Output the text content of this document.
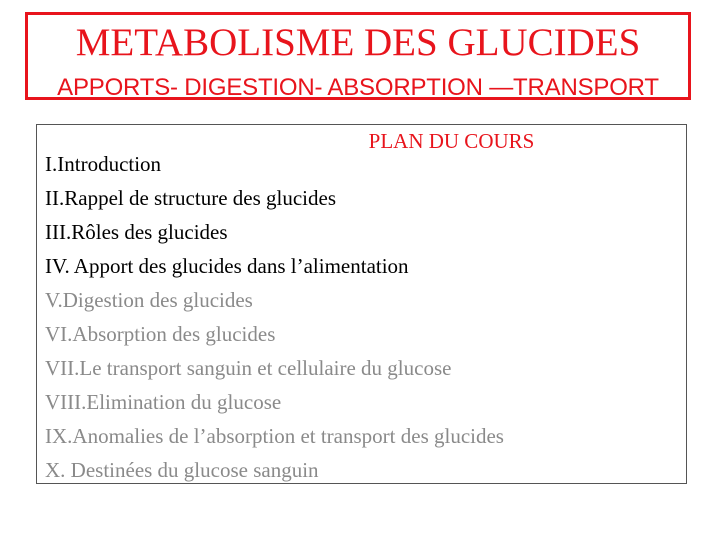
METABOLISME DES GLUCIDES
APPORTS- DIGESTION- ABSORPTION —TRANSPORT
PLAN DU COURS
I.Introduction
II.Rappel de structure des glucides
III.Rôles des glucides
IV. Apport des glucides dans l’alimentation
V.Digestion des glucides
VI.Absorption des glucides
VII.Le transport sanguin et cellulaire du glucose
VIII.Elimination du glucose
IX.Anomalies de l’absorption et transport des glucides
X. Destinées du glucose sanguin
